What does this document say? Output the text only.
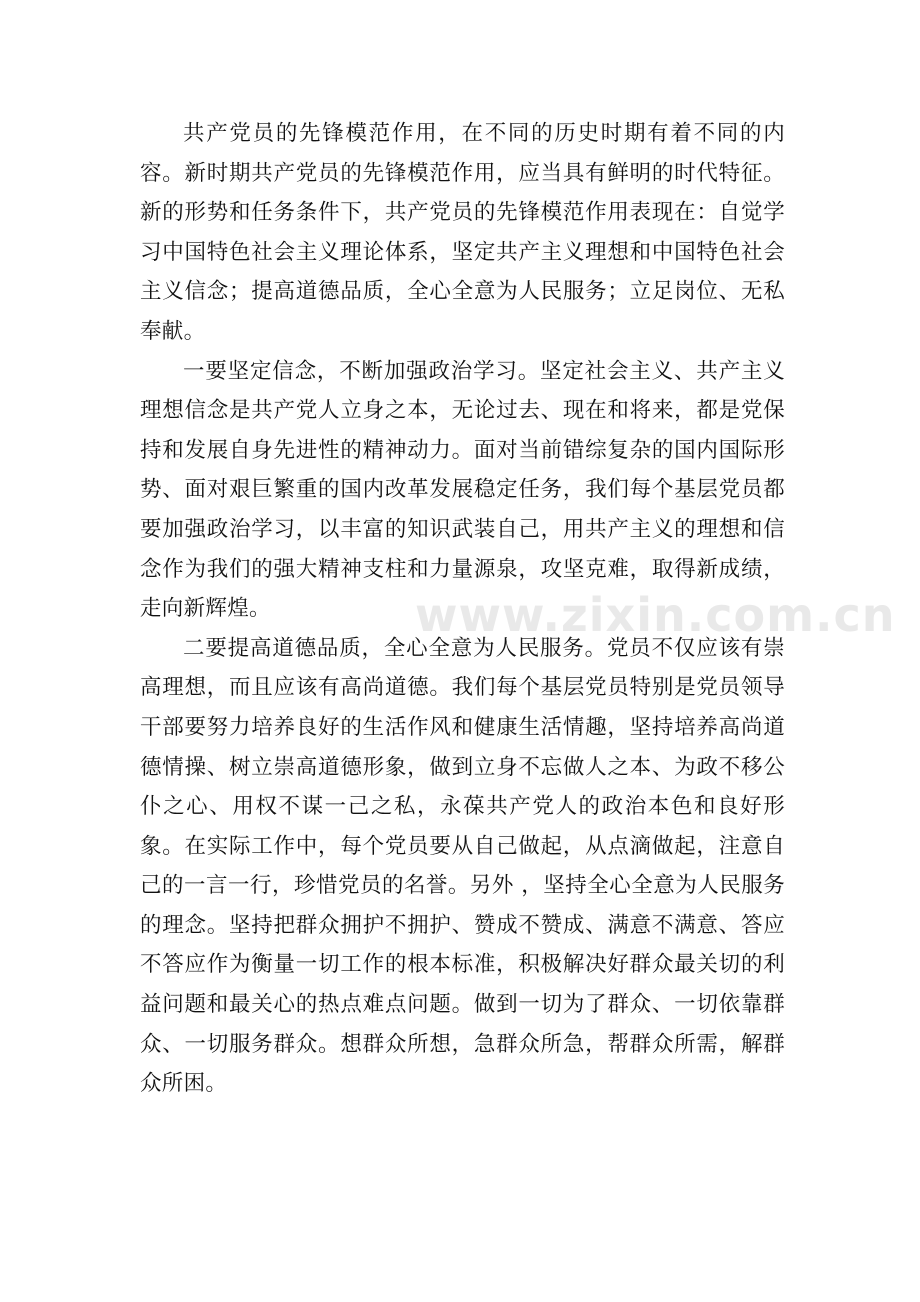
www.zixin.com.cn

共产党员的先锋模范作用，在不同的历史时期有着不同的内容。新时期共产党员的先锋模范作用，应当具有鲜明的时代特征。新的形势和任务条件下，共产党员的先锋模范作用表现在：自觉学习中国特色社会主义理论体系，坚定共产主义理想和中国特色社会主义信念；提高道德品质，全心全意为人民服务；立足岗位、无私奉献。

一要坚定信念，不断加强政治学习。坚定社会主义、共产主义理想信念是共产党人立身之本，无论过去、现在和将来，都是党保持和发展自身先进性的精神动力。面对当前错综复杂的国内国际形势、面对艰巨繁重的国内改革发展稳定任务，我们每个基层党员都要加强政治学习，以丰富的知识武装自己，用共产主义的理想和信念作为我们的强大精神支柱和力量源泉，攻坚克难，取得新成绩，走向新辉煌。

二要提高道德品质，全心全意为人民服务。党员不仅应该有崇高理想，而且应该有高尚道德。我们每个基层党员特别是党员领导干部要努力培养良好的生活作风和健康生活情趣，坚持培养高尚道德情操、树立崇高道德形象，做到立身不忘做人之本、为政不移公仆之心、用权不谋一己之私，永葆共产党人的政治本色和良好形象。在实际工作中，每个党员要从自己做起，从点滴做起，注意自己的一言一行，珍惜党员的名誉。另外 ，坚持全心全意为人民服务的理念。坚持把群众拥护不拥护、赞成不赞成、满意不满意、答应不答应作为衡量一切工作的根本标准，积极解决好群众最关切的利益问题和最关心的热点难点问题。做到一切为了群众、一切依靠群众、一切服务群众。想群众所想，急群众所急，帮群众所需，解群众所困。
